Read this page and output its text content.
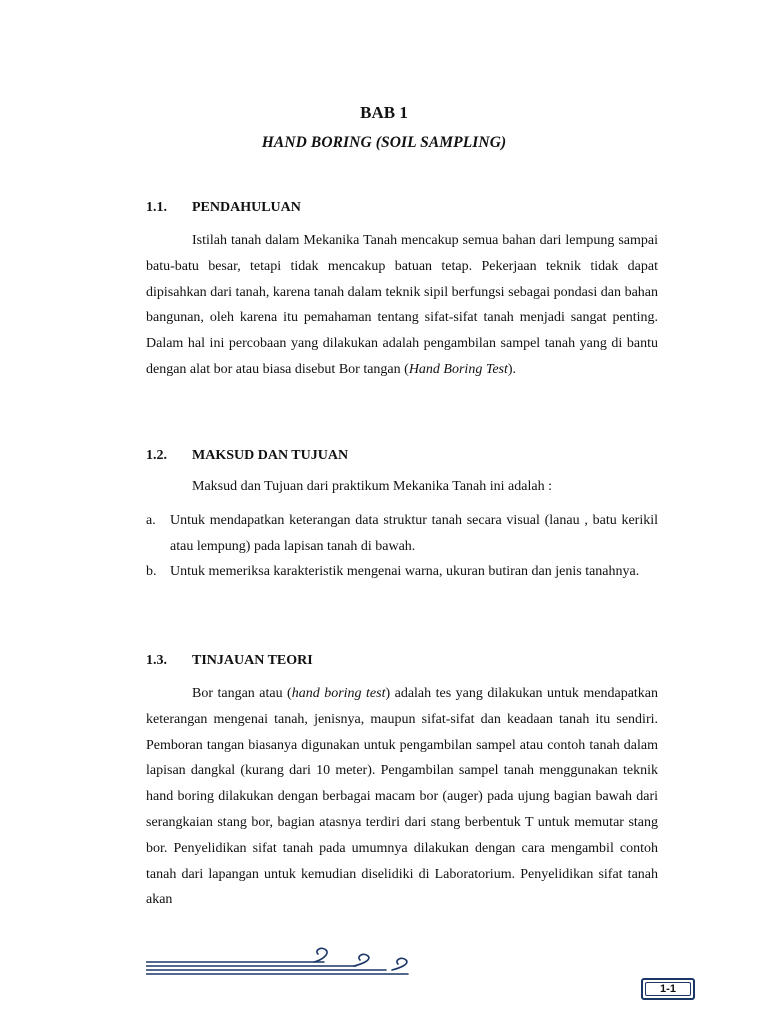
BAB 1
HAND BORING (SOIL SAMPLING)
1.1.	PENDAHULUAN

Istilah tanah dalam Mekanika Tanah mencakup semua bahan dari lempung sampai batu-batu besar, tetapi tidak mencakup batuan tetap. Pekerjaan teknik tidak dapat dipisahkan dari tanah, karena tanah dalam teknik sipil berfungsi sebagai pondasi dan bahan bangunan, oleh karena itu pemahaman tentang sifat-sifat tanah menjadi sangat penting. Dalam hal ini percobaan yang dilakukan adalah pengambilan sampel tanah yang di bantu dengan alat bor atau biasa disebut Bor tangan (Hand Boring Test).

1.2.	MAKSUD DAN TUJUAN
Maksud dan Tujuan dari praktikum Mekanika Tanah ini adalah :
a. Untuk mendapatkan keterangan data struktur tanah secara visual (lanau , batu kerikil atau lempung) pada lapisan tanah di bawah.
b. Untuk memeriksa karakteristik mengenai warna, ukuran butiran dan jenis tanahnya.
1.3.	TINJAUAN TEORI

Bor tangan atau (hand boring test) adalah tes yang dilakukan untuk mendapatkan keterangan mengenai tanah, jenisnya, maupun sifat-sifat dan keadaan tanah itu sendiri. Pemboran tangan biasanya digunakan untuk pengambilan sampel atau contoh tanah dalam lapisan dangkal (kurang dari 10 meter). Pengambilan sampel tanah menggunakan teknik hand boring dilakukan dengan berbagai macam bor (auger) pada ujung bagian bawah dari serangkaian stang bor, bagian atasnya terdiri dari stang berbentuk T untuk memutar stang bor. Penyelidikan sifat tanah pada umumnya dilakukan dengan cara mengambil contoh tanah dari lapangan untuk kemudian diselidiki di Laboratorium. Penyelidikan sifat tanah akan

1-1
